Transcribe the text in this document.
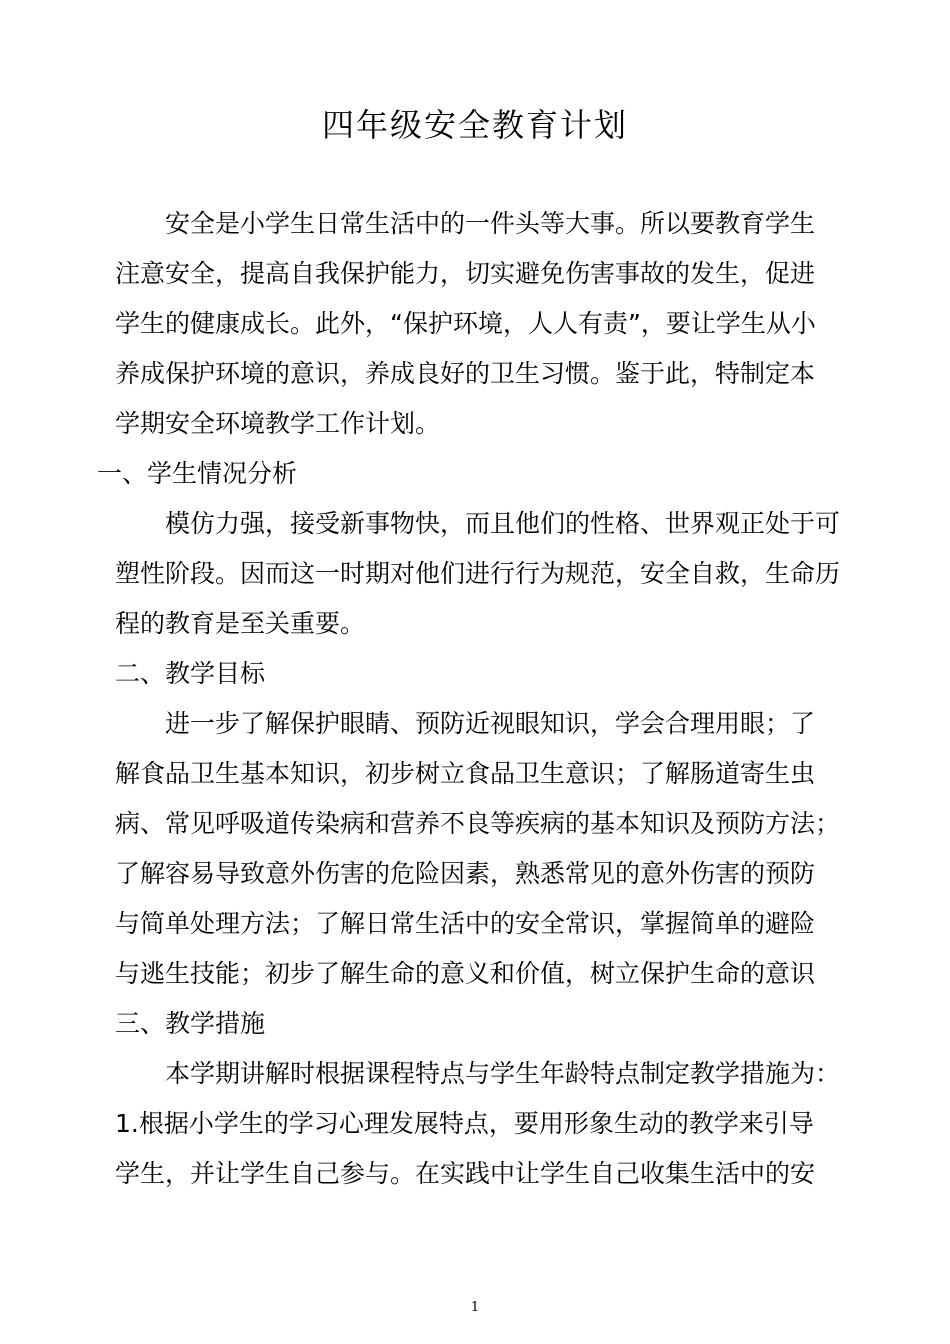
四年级安全教育计划
安全是小学生日常生活中的一件头等大事。所以要教育学生
注意安全，提高自我保护能力，切实避免伤害事故的发生，促进
学生的健康成长。此外，“保护环境，人人有责”，要让学生从小
养成保护环境的意识，养成良好的卫生习惯。鉴于此，特制定本
学期安全环境教学工作计划。
一、学生情况分析
模仿力强，接受新事物快，而且他们的性格、世界观正处于可
塑性阶段。因而这一时期对他们进行行为规范，安全自救，生命历
程的教育是至关重要。
二、教学目标
进一步了解保护眼睛、预防近视眼知识，学会合理用眼；了
解食品卫生基本知识，初步树立食品卫生意识；了解肠道寄生虫
病、常见呼吸道传染病和营养不良等疾病的基本知识及预防方法；
了解容易导致意外伤害的危险因素，熟悉常见的意外伤害的预防
与简单处理方法；了解日常生活中的安全常识，掌握简单的避险
与逃生技能；初步了解生命的意义和价值，树立保护生命的意识
三、教学措施
本学期讲解时根据课程特点与学生年龄特点制定教学措施为：
1.根据小学生的学习心理发展特点，要用形象生动的教学来引导
学生，并让学生自己参与。在实践中让学生自己收集生活中的安
1
